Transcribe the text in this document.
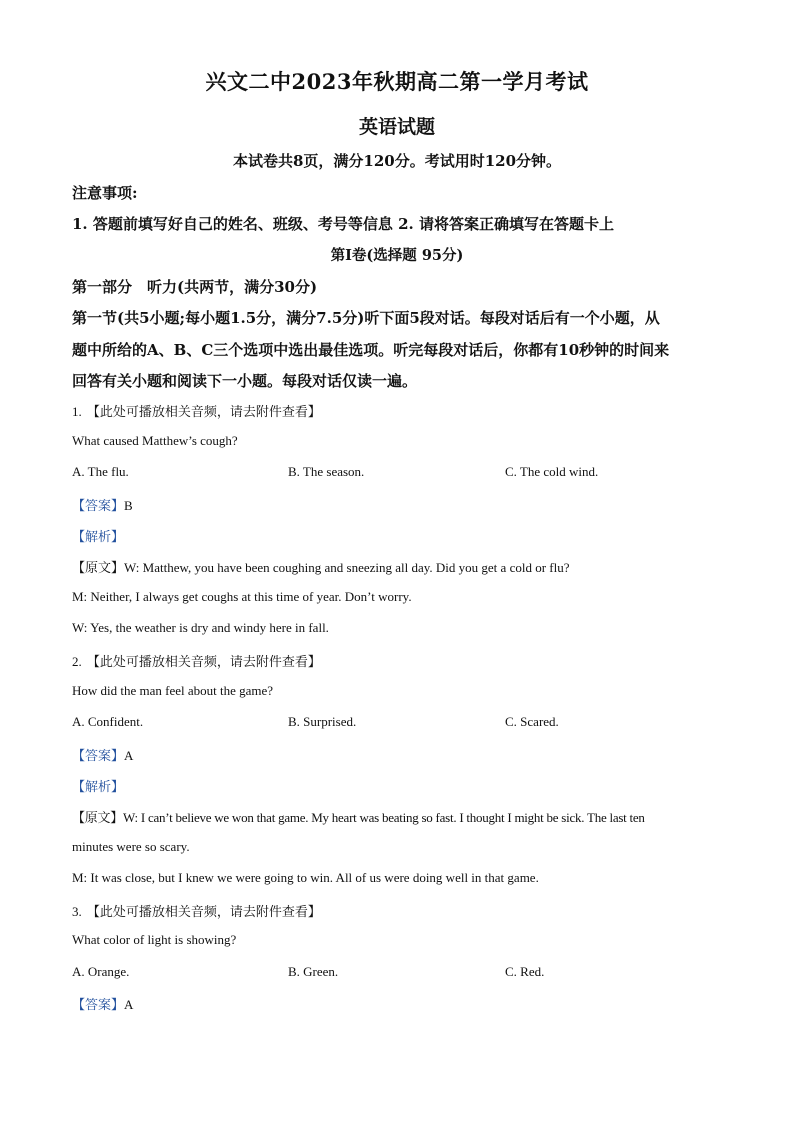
兴文二中2023年秋期高二第一学月考试
英语试题
本试卷共8页，满分120分。考试用时120分钟。
注意事项:
1. 答题前填写好自己的姓名、班级、考号等信息 2. 请将答案正确填写在答题卡上
第I卷(选择题 95分)
第一部分　听力(共两节，满分30分)
第一节(共5小题;每小题1.5分，满分7.5分)听下面5段对话。每段对话后有一个小题，从
题中所给的A、B、C三个选项中选出最佳选项。听完每段对话后，你都有10秒钟的时间来
回答有关小题和阅读下一小题。每段对话仅读一遍。
1. 【此处可播放相关音频，请去附件查看】
What caused Matthew’s cough?
A. The flu.	B. The season.	C. The cold wind.
【答案】B
【解析】
【原文】W: Matthew, you have been coughing and sneezing all day. Did you get a cold or flu?
M: Neither, I always get coughs at this time of year. Don’t worry.
W: Yes, the weather is dry and windy here in fall.
2. 【此处可播放相关音频，请去附件查看】
How did the man feel about the game?
A. Confident.	B. Surprised.	C. Scared.
【答案】A
【解析】
【原文】W: I can’t believe we won that game. My heart was beating so fast. I thought I might be sick. The last ten
minutes were so scary.
M: It was close, but I knew we were going to win. All of us were doing well in that game.
3. 【此处可播放相关音频，请去附件查看】
What color of light is showing?
A. Orange.	B. Green.	C. Red.
【答案】A
